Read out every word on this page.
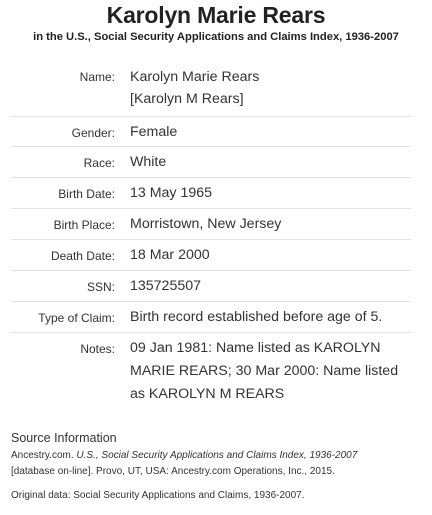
Karolyn Marie Rears
in the U.S., Social Security Applications and Claims Index, 1936-2007
Name:	Karolyn Marie Rears
[Karolyn M Rears]
Gender:	Female
Race:	White
Birth Date:	13 May 1965
Birth Place:	Morristown, New Jersey
Death Date:	18 Mar 2000
SSN:	135725507
Type of Claim:	Birth record established before age of 5.
Notes:	09 Jan 1981: Name listed as KAROLYN
MARIE REARS; 30 Mar 2000: Name listed
as KAROLYN M REARS
Source Information
Ancestry.com. U.S., Social Security Applications and Claims Index, 1936-2007
[database on-line]. Provo, UT, USA: Ancestry.com Operations, Inc., 2015.
Original data: Social Security Applications and Claims, 1936-2007.
